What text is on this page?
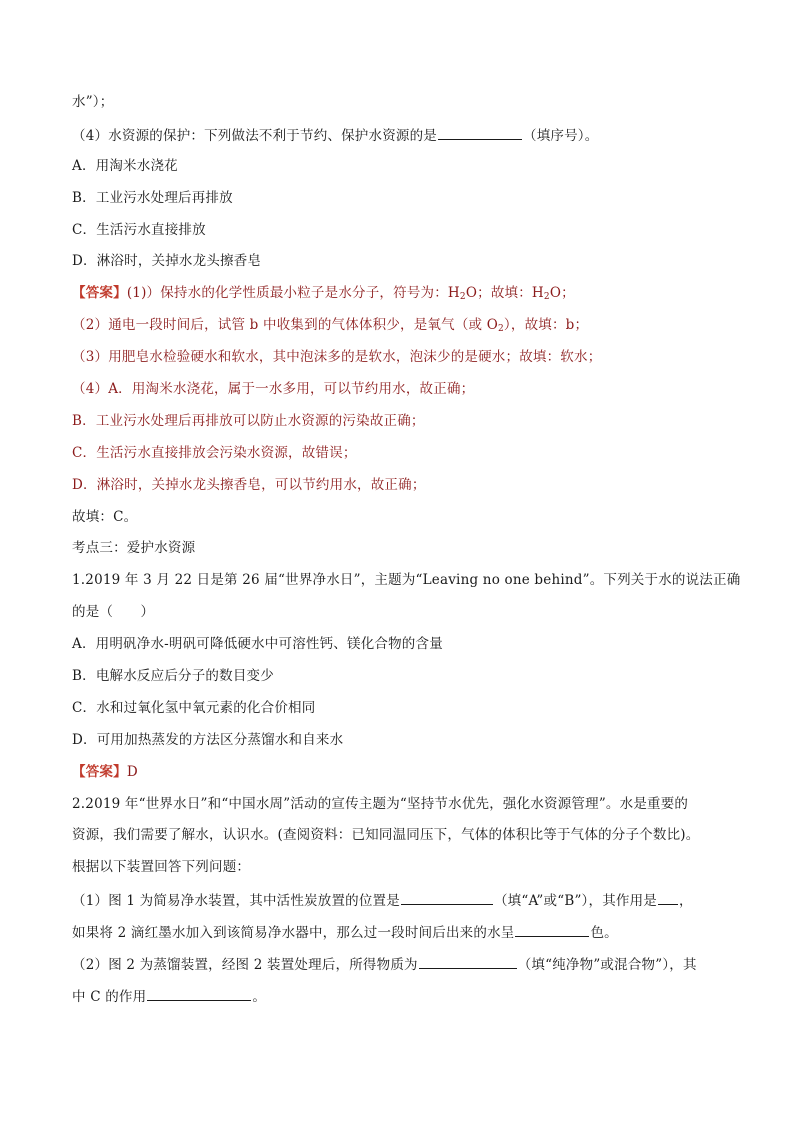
水”）；
（4）水资源的保护：下列做法不利于节约、保护水资源的是	（填序号）。
A．用淘米水浇花
B．工业污水处理后再排放
C．生活污水直接排放
D．淋浴时，关掉水龙头擦香皂
【答案】(1)）保持水的化学性质最小粒子是水分子，符号为：$H_2O$；故填：$H_2O$；
（2）通电一段时间后，试管 b 中收集到的气体体积少，是氧气（或 $O_2$），故填：b；
（3）用肥皂水检验硬水和软水，其中泡沫多的是软水，泡沫少的是硬水；故填：软水；
（4）A．用淘米水浇花，属于一水多用，可以节约用水，故正确；
B．工业污水处理后再排放可以防止水资源的污染故正确；
C．生活污水直接排放会污染水资源，故错误；
D．淋浴时，关掉水龙头擦香皂，可以节约用水，故正确；
故填：C。
考点三：爱护水资源
1.2019 年 3 月 22 日是第 26 届“世界净水日”，主题为“Leaving no one behind”。下列关于水的说法正确
的是（　　）
A．用明矾净水-明矾可降低硬水中可溶性钙、镁化合物的含量
B．电解水反应后分子的数目变少
C．水和过氧化氢中氧元素的化合价相同
D．可用加热蒸发的方法区分蒸馏水和自来水
【答案】D
2.2019 年“世界水日”和“中国水周”活动的宣传主题为“坚持节水优先，强化水资源管理”。水是重要的
资源，我们需要了解水，认识水。(查阅资料：已知同温同压下，气体的体积比等于气体的分子个数比)。
根据以下装置回答下列问题：
（1）图 1 为简易净水装置，其中活性炭放置的位置是	（填“A”或“B”），其作用是 ，
如果将 2 滴红墨水加入到该简易净水器中，那么过一段时间后出来的水呈	色。
（2）图 2 为蒸馏装置，经图 2 装置处理后，所得物质为	（填“纯净物”或混合物”），其
中 C 的作用	。
